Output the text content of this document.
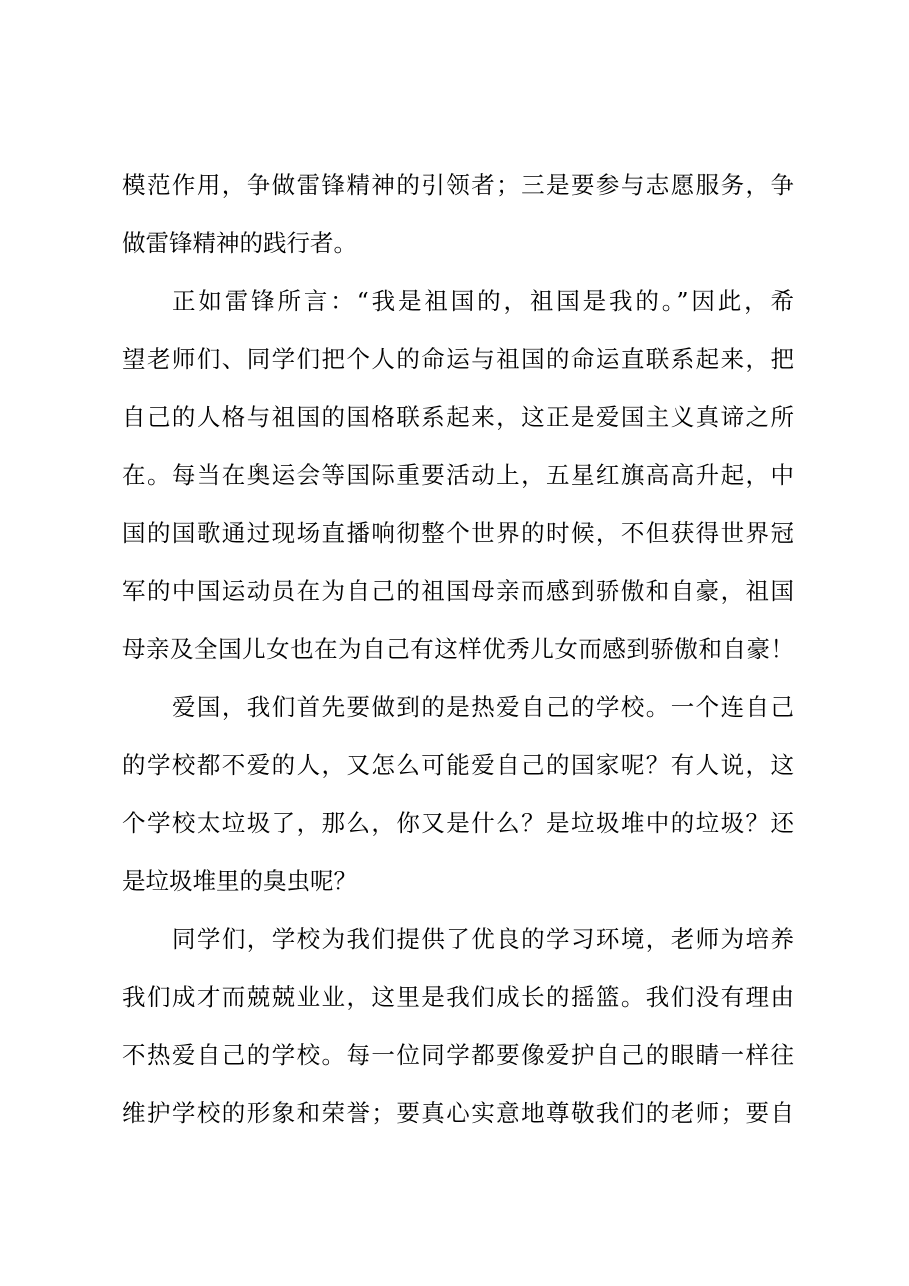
模范作用，争做雷锋精神的引领者；三是要参与志愿服务，争
做雷锋精神的践行者。
正如雷锋所言：“我是祖国的，祖国是我的。”因此，希
望老师们、同学们把个人的命运与祖国的命运直联系起来，把
自己的人格与祖国的国格联系起来，这正是爱国主义真谛之所
在。每当在奥运会等国际重要活动上，五星红旗高高升起，中
国的国歌通过现场直播响彻整个世界的时候，不但获得世界冠
军的中国运动员在为自己的祖国母亲而感到骄傲和自豪，祖国
母亲及全国儿女也在为自己有这样优秀儿女而感到骄傲和自豪！
爱国，我们首先要做到的是热爱自己的学校。一个连自己
的学校都不爱的人，又怎么可能爱自己的国家呢？有人说，这
个学校太垃圾了，那么，你又是什么？是垃圾堆中的垃圾？还
是垃圾堆里的臭虫呢？
同学们，学校为我们提供了优良的学习环境，老师为培养
我们成才而兢兢业业，这里是我们成长的摇篮。我们没有理由
不热爱自己的学校。每一位同学都要像爱护自己的眼睛一样往
维护学校的形象和荣誉；要真心实意地尊敬我们的老师；要自
